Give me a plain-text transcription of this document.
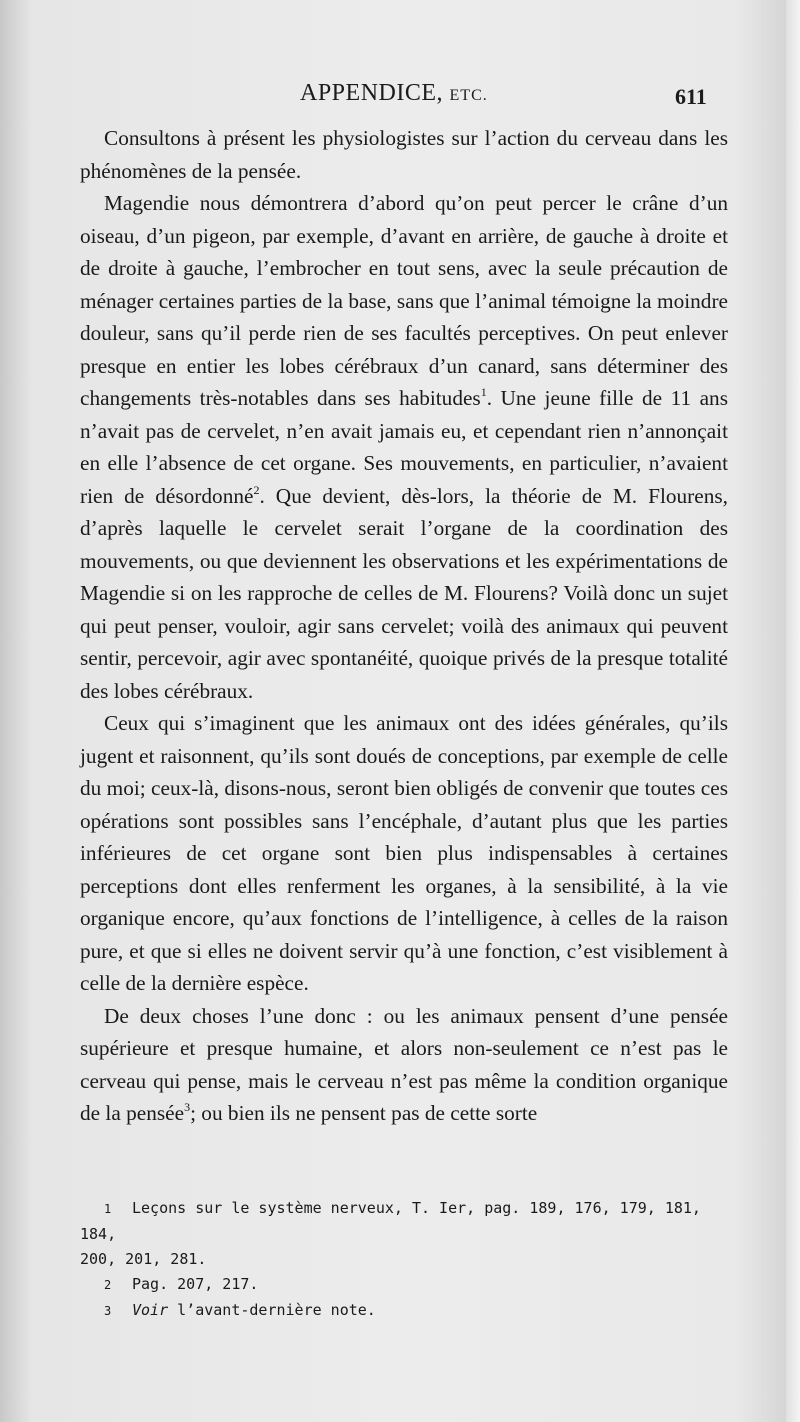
APPENDICE, ETC.	611

Consultons à présent les physiologistes sur l’action du cerveau dans les phénomènes de la pensée.

Magendie nous démontrera d’abord qu’on peut percer le crâne d’un oiseau, d’un pigeon, par exemple, d’avant en arrière, de gauche à droite et de droite à gauche, l’embrocher en tout sens, avec la seule précaution de ménager certaines parties de la base, sans que l’animal témoigne la moindre douleur, sans qu’il perde rien de ses facultés perceptives. On peut enlever presque en entier les lobes cérébraux d’un canard, sans déterminer des changements très-notables dans ses habitudes$^1$. Une jeune fille de 11 ans n’avait pas de cervelet, n’en avait jamais eu, et cependant rien n’annonçait en elle l’absence de cet organe. Ses mouvements, en particulier, n’avaient rien de désordonné$^2$. Que devient, dès-lors, la théorie de M. Flourens, d’après laquelle le cervelet serait l’organe de la coordination des mouvements, ou que deviennent les observations et les expérimentations de Magendie si on les rapproche de celles de M. Flourens? Voilà donc un sujet qui peut penser, vouloir, agir sans cervelet; voilà des animaux qui peuvent sentir, percevoir, agir avec spontanéité, quoique privés de la presque totalité des lobes cérébraux.

Ceux qui s’imaginent que les animaux ont des idées générales, qu’ils jugent et raisonnent, qu’ils sont doués de conceptions, par exemple de celle du moi; ceux-là, disons-nous, seront bien obligés de convenir que toutes ces opérations sont possibles sans l’encéphale, d’autant plus que les parties inférieures de cet organe sont bien plus indispensables à certaines perceptions dont elles renferment les organes, à la sensibilité, à la vie organique encore, qu’aux fonctions de l’intelligence, à celles de la raison pure, et que si elles ne doivent servir qu’à une fonction, c’est visiblement à celle de la dernière espèce.

De deux choses l’une donc : ou les animaux pensent d’une pensée supérieure et presque humaine, et alors non-seulement ce n’est pas le cerveau qui pense, mais le cerveau n’est pas même la condition organique de la pensée$^3$; ou bien ils ne pensent pas de cette sorte

1 Leçons sur le système nerveux, T. Ier, pag. 189, 176, 179, 181, 184,
200, 201, 281.
2 Pag. 207, 217.
3 Voir l’avant-dernière note.
